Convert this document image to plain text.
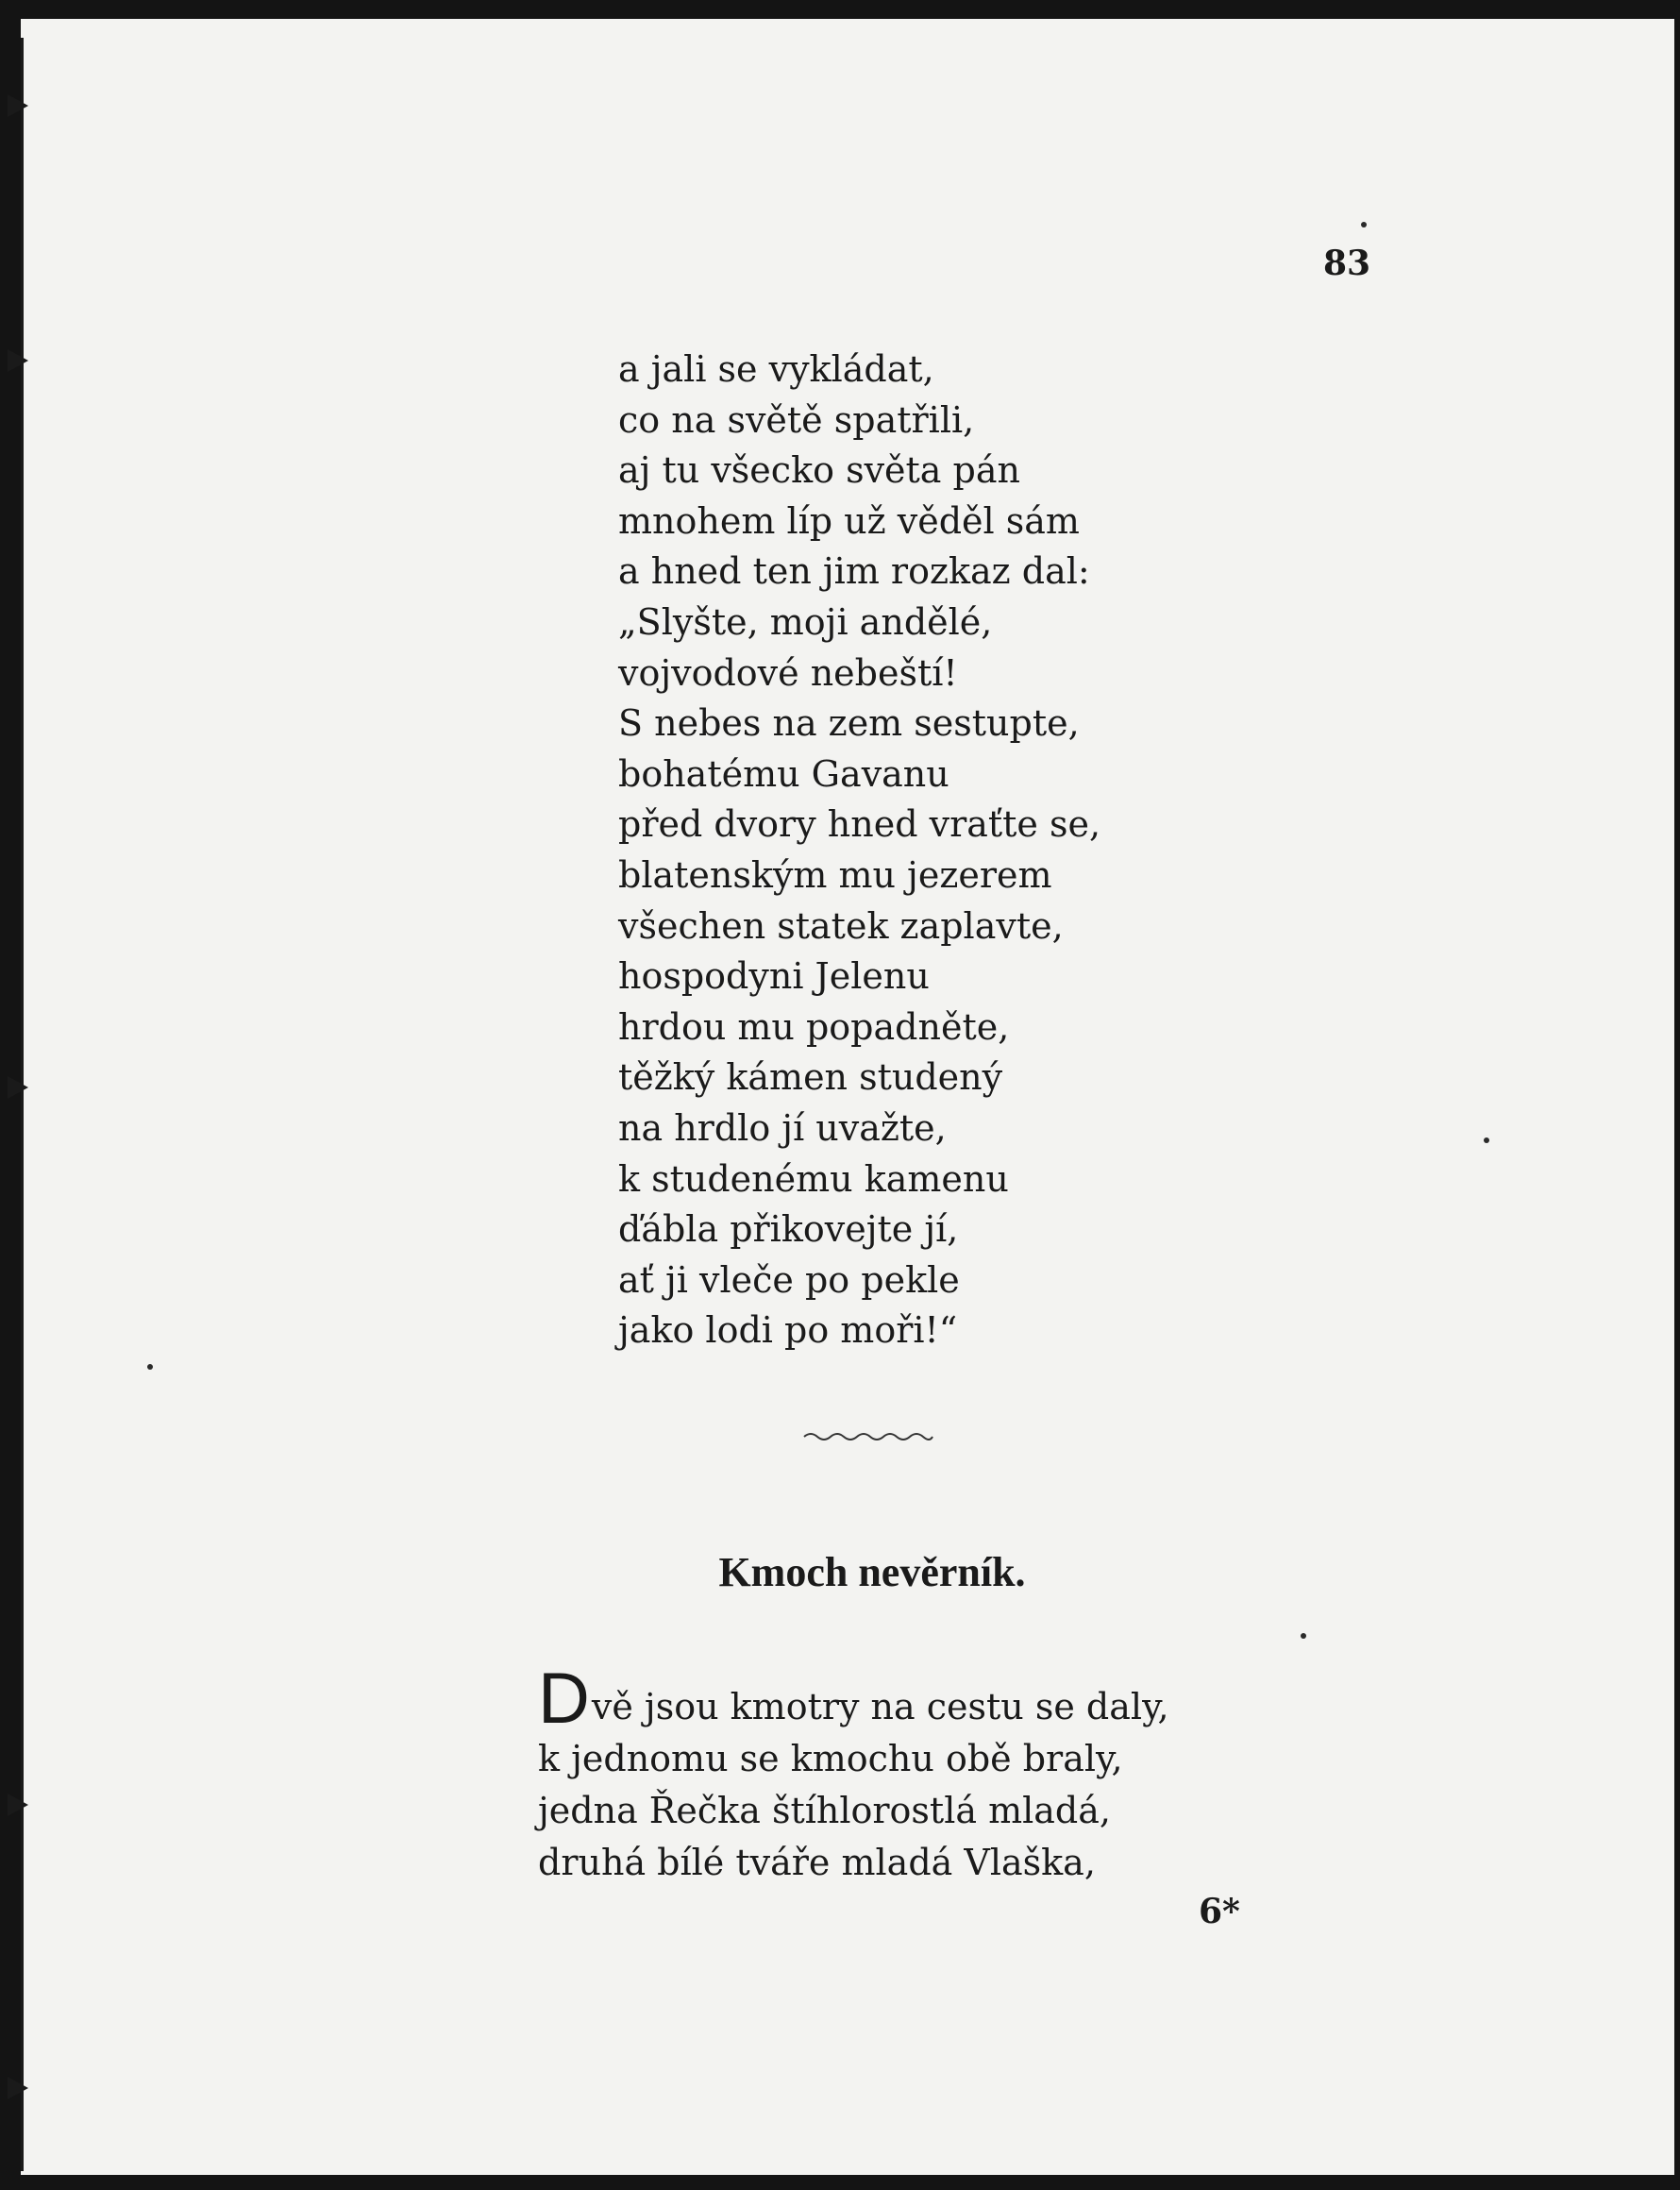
83
a jali se vykládat,
co na světě spatřili,
aj tu všecko světa pán
mnohem líp už věděl sám
a hned ten jim rozkaz dal:
„Slyšte, moji andělé,
vojvodové nebeští!
S nebes na zem sestupte,
bohatému Gavanu
před dvory hned vraťte se,
blatenským mu jezerem
všechen statek zaplavte,
hospodyni Jelenu
hrdou mu popadněte,
těžký kámen studený
na hrdlo jí uvažte,
k studenému kamenu
ďábla přikovejte jí,
ať ji vleče po pekle
jako lodi po moři!“
Kmoch nevěrník.
Dvě jsou kmotry na cestu se daly,
k jednomu se kmochu obě braly,
jedna Řečka štíhlorostlá mladá,
druhá bílé tváře mladá Vlaška,
6*
